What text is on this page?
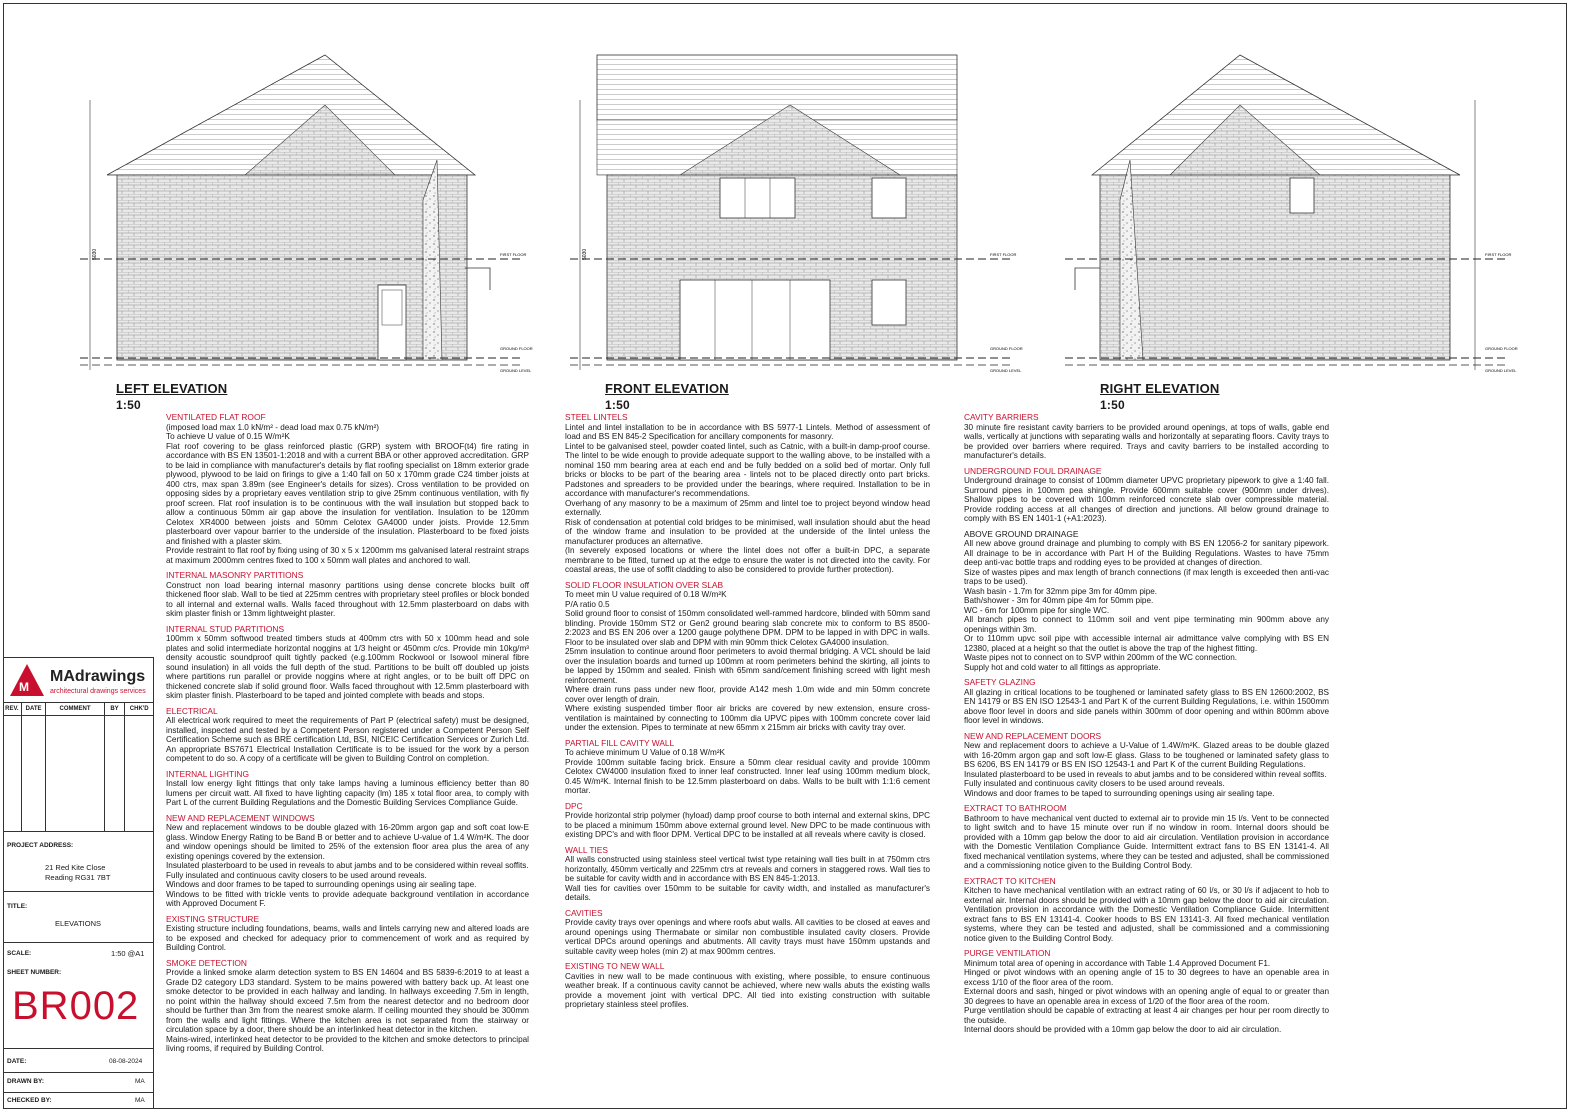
5030	FIRST FLOOR
GROUND FLOOR
GROUND LEVEL
LEFT ELEVATION
1:50
5030	FIRST FLOOR
GROUND FLOOR
GROUND LEVEL
FRONT ELEVATION
1:50
FIRST FLOOR
GROUND FLOOR
GROUND LEVEL
RIGHT ELEVATION
1:50
VENTILATED FLAT ROOF

(imposed load max 1.0 kN/m² - dead load max 0.75 kN/m²)

To achieve U value of 0.15 W/m²K

Flat roof covering to be glass reinforced plastic (GRP) system with BROOF(t4) fire rating in accordance with BS EN 13501-1:2018 and with a current BBA or other approved accreditation. GRP to be laid in compliance with manufacturer's details by flat roofing specialist on 18mm exterior grade plywood, plywood to be laid on firings to give a 1:40 fall on 50 x 170mm grade C24 timber joists at 400 ctrs, max span 3.89m (see Engineer's details for sizes). Cross ventilation to be provided on opposing sides by a proprietary eaves ventilation strip to give 25mm continuous ventilation, with fly proof screen. Flat roof insulation is to be continuous with the wall insulation but stopped back to allow a continuous 50mm air gap above the insulation for ventilation. Insulation to be 120mm Celotex XR4000 between joists and 50mm Celotex GA4000 under joists. Provide 12.5mm plasterboard over vapour barrier to the underside of the insulation. Plasterboard to be fixed joists and finished with a plaster skim.

Provide restraint to flat roof by fixing using of 30 x 5 x 1200mm ms galvanised lateral restraint straps at maximum 2000mm centres fixed to 100 x 50mm wall plates and anchored to wall.

INTERNAL MASONRY PARTITIONS

Construct non load bearing internal masonry partitions using dense concrete blocks built off thickened floor slab. Wall to be tied at 225mm centres with proprietary steel profiles or block bonded to all internal and external walls. Walls faced throughout with 12.5mm plasterboard on dabs with skim plaster finish or 13mm lightweight plaster.

INTERNAL STUD PARTITIONS

100mm x 50mm softwood treated timbers studs at 400mm ctrs with 50 x 100mm head and sole plates and solid intermediate horizontal noggins at 1/3 height or 450mm c/cs. Provide min 10kg/m³ density acoustic soundproof quilt tightly packed (e.g.100mm Rockwool or Isowool mineral fibre sound insulation) in all voids the full depth of the stud. Partitions to be built off doubled up joists where partitions run parallel or provide noggins where at right angles, or to be built off DPC on thickened concrete slab if solid ground floor. Walls faced throughout with 12.5mm plasterboard with skim plaster finish. Plasterboard to be taped and jointed complete with beads and stops.

ELECTRICAL

All electrical work required to meet the requirements of Part P (electrical safety) must be designed, installed, inspected and tested by a Competent Person registered under a Competent Person Self Certification Scheme such as BRE certification Ltd, BSI, NICEIC Certification Services or Zurich Ltd. An appropriate BS7671 Electrical Installation Certificate is to be issued for the work by a person competent to do so. A copy of a certificate will be given to Building Control on completion.

INTERNAL LIGHTING

Install low energy light fittings that only take lamps having a luminous efficiency better than 80 lumens per circuit watt. All fixed to have lighting capacity (lm) 185 x total floor area, to comply with Part L of the current Building Regulations and the Domestic Building Services Compliance Guide.

NEW AND REPLACEMENT WINDOWS

New and replacement windows to be double glazed with 16-20mm argon gap and soft coat low-E glass. Window Energy Rating to be Band B or better and to achieve U-value of 1.4 W/m²K. The door and window openings should be limited to 25% of the extension floor area plus the area of any existing openings covered by the extension.

Insulated plasterboard to be used in reveals to abut jambs and to be considered within reveal soffits.

Fully insulated and continuous cavity closers to be used around reveals.

Windows and door frames to be taped to surrounding openings using air sealing tape.

Windows to be fitted with trickle vents to provide adequate background ventilation in accordance with Approved Document F.

EXISTING STRUCTURE

Existing structure including foundations, beams, walls and lintels carrying new and altered loads are to be exposed and checked for adequacy prior to commencement of work and as required by Building Control.

SMOKE DETECTION

Provide a linked smoke alarm detection system to BS EN 14604 and BS 5839-6:2019 to at least a Grade D2 category LD3 standard. System to be mains powered with battery back up. At least one smoke detector to be provided in each hallway and landing. In hallways exceeding 7.5m in length, no point within the hallway should exceed 7.5m from the nearest detector and no bedroom door should be further than 3m from the nearest smoke alarm. If ceiling mounted they should be 300mm from the walls and light fittings. Where the kitchen area is not separated from the stairway or circulation space by a door, there should be an interlinked heat detector in the kitchen.

Mains-wired, interlinked heat detector to be provided to the kitchen and smoke detectors to principal living rooms, if required by Building Control.

STEEL LINTELS

Lintel and lintel installation to be in accordance with BS 5977-1 Lintels. Method of assessment of load and BS EN 845-2 Specification for ancillary components for masonry.

Lintel to be galvanised steel, powder coated lintel, such as Catnic, with a built-in damp-proof course. The lintel to be wide enough to provide adequate support to the walling above, to be installed with a nominal 150 mm bearing area at each end and be fully bedded on a solid bed of mortar. Only full bricks or blocks to be part of the bearing area - lintels not to be placed directly onto part bricks. Padstones and spreaders to be provided under the bearings, where required. Installation to be in accordance with manufacturer's recommendations.

Overhang of any masonry to be a maximum of 25mm and lintel toe to project beyond window head externally.

Risk of condensation at potential cold bridges to be minimised, wall insulation should abut the head of the window frame and insulation to be provided at the underside of the lintel unless the manufacturer produces an alternative.

(In severely exposed locations or where the lintel does not offer a built-in DPC, a separate membrane to be fitted, turned up at the edge to ensure the water is not directed into the cavity. For coastal areas, the use of soffit cladding to also be considered to provide further protection).

SOLID FLOOR INSULATION OVER SLAB

To meet min U value required of 0.18 W/m²K

P/A ratio 0.5

Solid ground floor to consist of 150mm consolidated well-rammed hardcore, blinded with 50mm sand blinding. Provide 150mm ST2 or Gen2 ground bearing slab concrete mix to conform to BS 8500-2:2023 and BS EN 206 over a 1200 gauge polythene DPM. DPM to be lapped in with DPC in walls. Floor to be insulated over slab and DPM with min 90mm thick Celotex GA4000 insulation.

25mm insulation to continue around floor perimeters to avoid thermal bridging. A VCL should be laid over the insulation boards and turned up 100mm at room perimeters behind the skirting, all joints to be lapped by 150mm and sealed. Finish with 65mm sand/cement finishing screed with light mesh reinforcement.

Where drain runs pass under new floor, provide A142 mesh 1.0m wide and min 50mm concrete cover over length of drain.

Where existing suspended timber floor air bricks are covered by new extension, ensure cross-ventilation is maintained by connecting to 100mm dia UPVC pipes with 100mm concrete cover laid under the extension. Pipes to terminate at new 65mm x 215mm air bricks with cavity tray over.

PARTIAL FILL CAVITY WALL

To achieve minimum U Value of 0.18 W/m²K

Provide 100mm suitable facing brick. Ensure a 50mm clear residual cavity and provide 100mm Celotex CW4000 insulation fixed to inner leaf constructed. Inner leaf using 100mm medium block, 0.45 W/m²K. Internal finish to be 12.5mm plasterboard on dabs. Walls to be built with 1:1:6 cement mortar.

DPC

Provide horizontal strip polymer (hyload) damp proof course to both internal and external skins, DPC to be placed a minimum 150mm above external ground level. New DPC to be made continuous with existing DPC's and with floor DPM. Vertical DPC to be installed at all reveals where cavity is closed.

WALL TIES

All walls constructed using stainless steel vertical twist type retaining wall ties built in at 750mm ctrs horizontally, 450mm vertically and 225mm ctrs at reveals and corners in staggered rows. Wall ties to be suitable for cavity width and in accordance with BS EN 845-1:2013.

Wall ties for cavities over 150mm to be suitable for cavity width, and installed as manufacturer's details.

CAVITIES

Provide cavity trays over openings and where roofs abut walls. All cavities to be closed at eaves and around openings using Thermabate or similar non combustible insulated cavity closers. Provide vertical DPCs around openings and abutments. All cavity trays must have 150mm upstands and suitable cavity weep holes (min 2) at max 900mm centres.

EXISTING TO NEW WALL

Cavities in new wall to be made continuous with existing, where possible, to ensure continuous weather break. If a continuous cavity cannot be achieved, where new walls abuts the existing walls provide a movement joint with vertical DPC. All tied into existing construction with suitable proprietary stainless steel profiles.

CAVITY BARRIERS

30 minute fire resistant cavity barriers to be provided around openings, at tops of walls, gable end walls, vertically at junctions with separating walls and horizontally at separating floors. Cavity trays to be provided over barriers where required. Trays and cavity barriers to be installed according to manufacturer's details.

UNDERGROUND FOUL DRAINAGE

Underground drainage to consist of 100mm diameter UPVC proprietary pipework to give a 1:40 fall. Surround pipes in 100mm pea shingle. Provide 600mm suitable cover (900mm under drives). Shallow pipes to be covered with 100mm reinforced concrete slab over compressible material. Provide rodding access at all changes of direction and junctions. All below ground drainage to comply with BS EN 1401-1 (+A1:2023).

ABOVE GROUND DRAINAGE

All new above ground drainage and plumbing to comply with BS EN 12056-2 for sanitary pipework. All drainage to be in accordance with Part H of the Building Regulations. Wastes to have 75mm deep anti-vac bottle traps and rodding eyes to be provided at changes of direction.

Size of wastes pipes and max length of branch connections (if max length is exceeded then anti-vac traps to be used).

Wash basin - 1.7m for 32mm pipe 3m for 40mm pipe.

Bath/shower - 3m for 40mm pipe 4m for 50mm pipe.

WC - 6m for 100mm pipe for single WC.

All branch pipes to connect to 110mm soil and vent pipe terminating min 900mm above any openings within 3m.

Or to 110mm upvc soil pipe with accessible internal air admittance valve complying with BS EN 12380, placed at a height so that the outlet is above the trap of the highest fitting.

Waste pipes not to connect on to SVP within 200mm of the WC connection.

Supply hot and cold water to all fittings as appropriate.

SAFETY GLAZING

All glazing in critical locations to be toughened or laminated safety glass to BS EN 12600:2002, BS EN 14179 or BS EN ISO 12543-1 and Part K of the current Building Regulations, i.e. within 1500mm above floor level in doors and side panels within 300mm of door opening and within 800mm above floor level in windows.

NEW AND REPLACEMENT DOORS

New and replacement doors to achieve a U-Value of 1.4W/m²K. Glazed areas to be double glazed with 16-20mm argon gap and soft low-E glass. Glass to be toughened or laminated safety glass to BS 6206, BS EN 14179 or BS EN ISO 12543-1 and Part K of the current Building Regulations.

Insulated plasterboard to be used in reveals to abut jambs and to be considered within reveal soffits.

Fully insulated and continuous cavity closers to be used around reveals.

Windows and door frames to be taped to surrounding openings using air sealing tape.

EXTRACT TO BATHROOM

Bathroom to have mechanical vent ducted to external air to provide min 15 l/s. Vent to be connected to light switch and to have 15 minute over run if no window in room. Internal doors should be provided with a 10mm gap below the door to aid air circulation. Ventilation provision in accordance with the Domestic Ventilation Compliance Guide. Intermittent extract fans to BS EN 13141-4. All fixed mechanical ventilation systems, where they can be tested and adjusted, shall be commissioned and a commissioning notice given to the Building Control Body.

EXTRACT TO KITCHEN

Kitchen to have mechanical ventilation with an extract rating of 60 l/s, or 30 l/s if adjacent to hob to external air. Internal doors should be provided with a 10mm gap below the door to aid air circulation. Ventilation provision in accordance with the Domestic Ventilation Compliance Guide. Intermittent extract fans to BS EN 13141-4. Cooker hoods to BS EN 13141-3. All fixed mechanical ventilation systems, where they can be tested and adjusted, shall be commissioned and a commissioning notice given to the Building Control Body.

PURGE VENTILATION

Minimum total area of opening in accordance with Table 1.4 Approved Document F1.

Hinged or pivot windows with an opening angle of 15 to 30 degrees to have an openable area in excess 1/10 of the floor area of the room.

External doors and sash, hinged or pivot windows with an opening angle of equal to or greater than 30 degrees to have an openable area in excess of 1/20 of the floor area of the room.

Purge ventilation should be capable of extracting at least 4 air changes per hour per room directly to the outside.

Internal doors should be provided with a 10mm gap below the door to aid air circulation.

M
MAdrawings
architectural drawings services
REV.	DATE	COMMENT	BY	CHK'D
PROJECT ADDRESS:
21 Red Kite Close
Reading RG31 7BT
TITLE:
ELEVATIONS
SCALE:	1:50 @A1
SHEET NUMBER:
BR002
DATE:	08-08-2024
DRAWN BY:	MA
CHECKED BY:	MA
